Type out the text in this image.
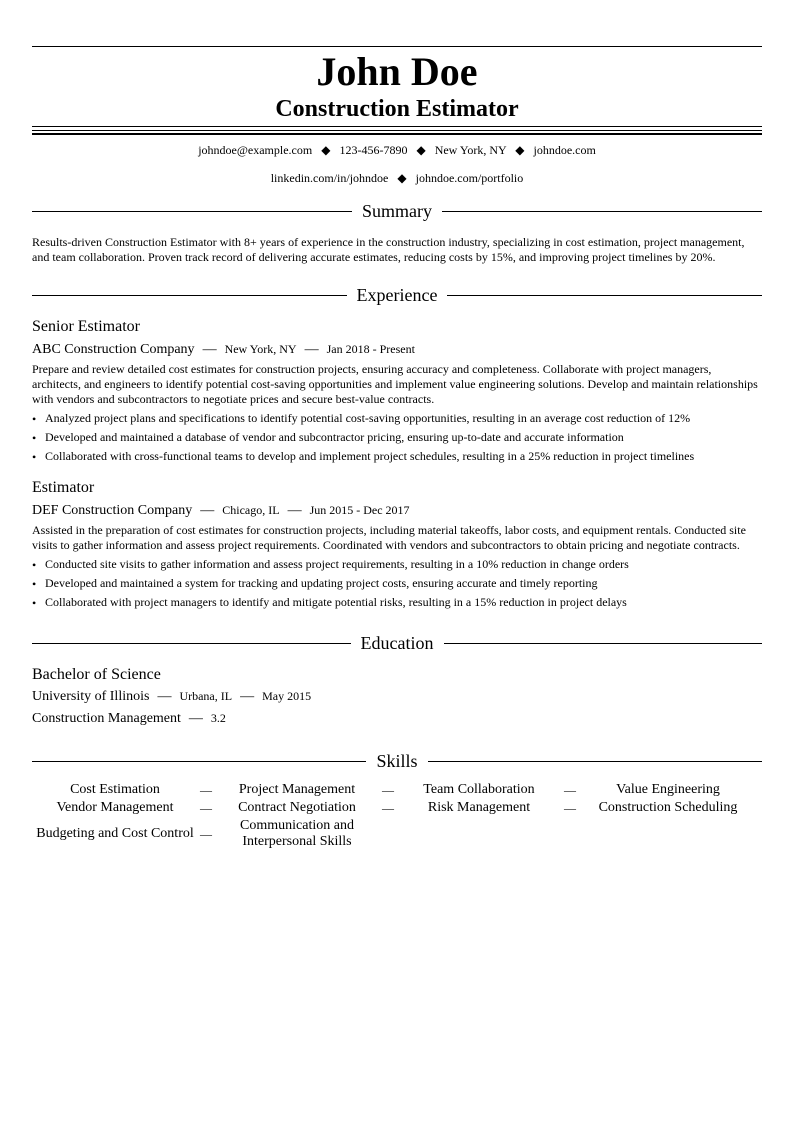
John Doe
Construction Estimator
johndoe@example.com ◆ 123-456-7890 ◆ New York, NY ◆ johndoe.com
linkedin.com/in/johndoe ◆ johndoe.com/portfolio
Summary
Results-driven Construction Estimator with 8+ years of experience in the construction industry, specializing in cost estimation, project management, and team collaboration. Proven track record of delivering accurate estimates, reducing costs by 15%, and improving project timelines by 20%.
Experience
Senior Estimator
ABC Construction Company — New York, NY — Jan 2018 - Present
Prepare and review detailed cost estimates for construction projects, ensuring accuracy and completeness. Collaborate with project managers, architects, and engineers to identify potential cost-saving opportunities and implement value engineering solutions. Develop and maintain relationships with vendors and subcontractors to negotiate prices and secure best-value contracts.
• Analyzed project plans and specifications to identify potential cost-saving opportunities, resulting in an average cost reduction of 12%
• Developed and maintained a database of vendor and subcontractor pricing, ensuring up-to-date and accurate information
• Collaborated with cross-functional teams to develop and implement project schedules, resulting in a 25% reduction in project timelines
Estimator
DEF Construction Company — Chicago, IL — Jun 2015 - Dec 2017
Assisted in the preparation of cost estimates for construction projects, including material takeoffs, labor costs, and equipment rentals. Conducted site visits to gather information and assess project requirements. Coordinated with vendors and subcontractors to obtain pricing and negotiate contracts.
• Conducted site visits to gather information and assess project requirements, resulting in a 10% reduction in change orders
• Developed and maintained a system for tracking and updating project costs, ensuring accurate and timely reporting
• Collaborated with project managers to identify and mitigate potential risks, resulting in a 15% reduction in project delays
Education
Bachelor of Science
University of Illinois — Urbana, IL — May 2015
Construction Management — 3.2
Skills
Cost Estimation	—	Project Management	—	Team Collaboration	—	Value Engineering
Vendor Management	—	Contract Negotiation	—	Risk Management	—	Construction Scheduling
Budgeting and Cost Control —
Communication and Interpersonal Skills
